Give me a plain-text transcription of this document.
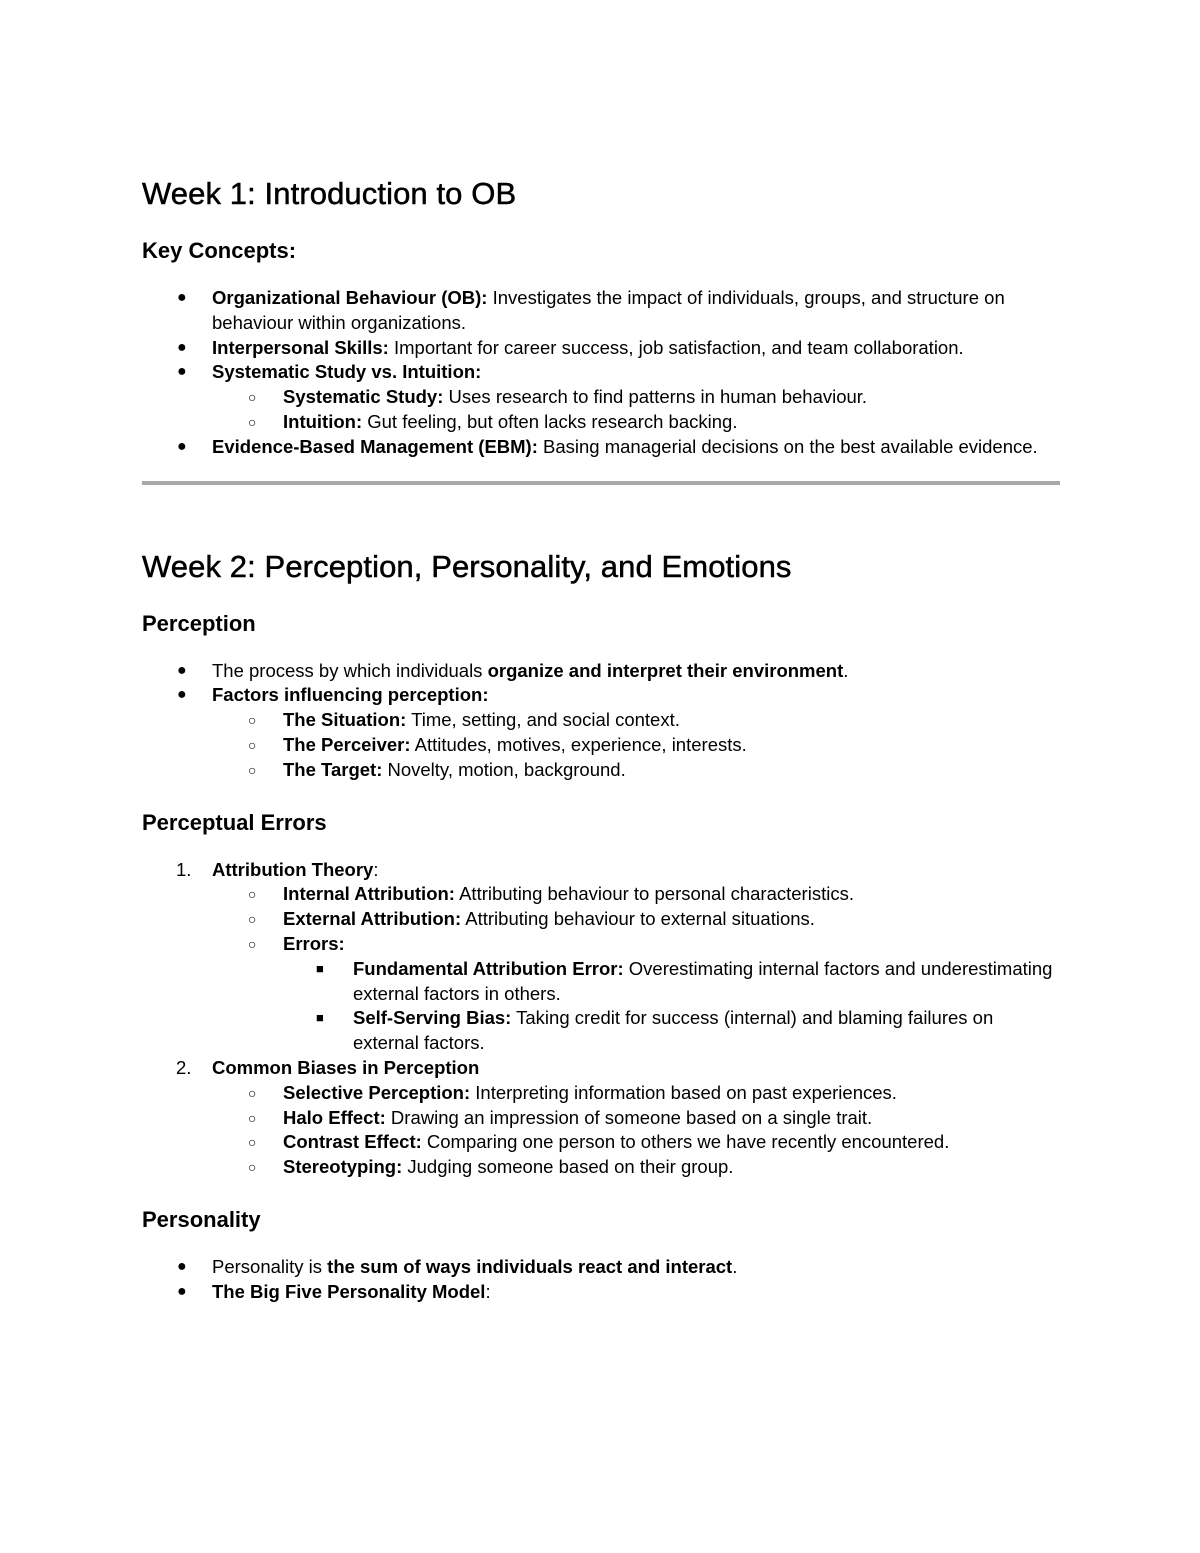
Week 1: Introduction to OB
Key Concepts:
● Organizational Behaviour (OB): Investigates the impact of individuals, groups, and structure on behaviour within organizations.
● Interpersonal Skills: Important for career success, job satisfaction, and team collaboration.
● Systematic Study vs. Intuition:
○ Systematic Study: Uses research to find patterns in human behaviour.
○ Intuition: Gut feeling, but often lacks research backing.
● Evidence-Based Management (EBM): Basing managerial decisions on the best available evidence.
Week 2: Perception, Personality, and Emotions
Perception
● The process by which individuals organize and interpret their environment.
● Factors influencing perception:
○ The Situation: Time, setting, and social context.
○ The Perceiver: Attitudes, motives, experience, interests.
○ The Target: Novelty, motion, background.
Perceptual Errors
1. Attribution Theory:
○ Internal Attribution: Attributing behaviour to personal characteristics.
○ External Attribution: Attributing behaviour to external situations.
○ Errors:
■ Fundamental Attribution Error: Overestimating internal factors and underestimating external factors in others.
■ Self-Serving Bias: Taking credit for success (internal) and blaming failures on external factors.
2. Common Biases in Perception
○ Selective Perception: Interpreting information based on past experiences.
○ Halo Effect: Drawing an impression of someone based on a single trait.
○ Contrast Effect: Comparing one person to others we have recently encountered.
○ Stereotyping: Judging someone based on their group.
Personality
● Personality is the sum of ways individuals react and interact.
● The Big Five Personality Model:
